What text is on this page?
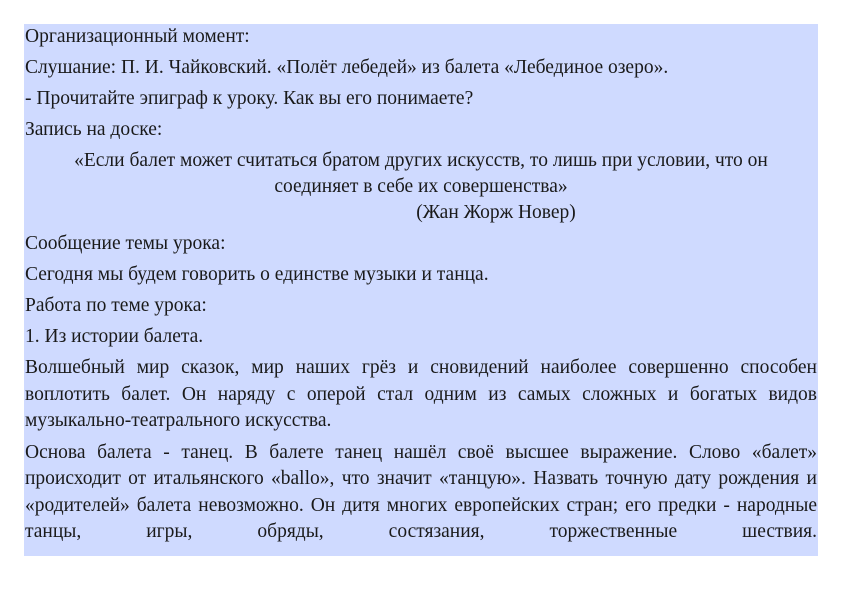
Организационный момент:

Слушание: П. И. Чайковский. «Полёт лебедей» из балета «Лебединое озеро».

- Прочитайте эпиграф к уроку. Как вы его понимаете?

Запись на доске:

«Если балет может считаться братом других искусств, то лишь при условии, что он

соединяет в себе их совершенства»

(Жан Жорж Новер)

Сообщение темы урока:

Сегодня мы будем говорить о единстве музыки и танца.

Работа по теме урока:

1. Из истории балета.

Волшебный мир сказок, мир наших грёз и сновидений наиболее совершенно способен воплотить балет. Он наряду с оперой стал одним из самых сложных и богатых видов музыкально-театрального искусства.

Основа балета - танец. В балете танец нашёл своё высшее выражение. Слово «балет» происходит от итальянского «ballo», что значит «танцую». Назвать точную дату рождения и «родителей» балета невозможно. Он дитя многих европейских стран; его предки - народные танцы, игры, обряды, состязания, торжественные шествия.
